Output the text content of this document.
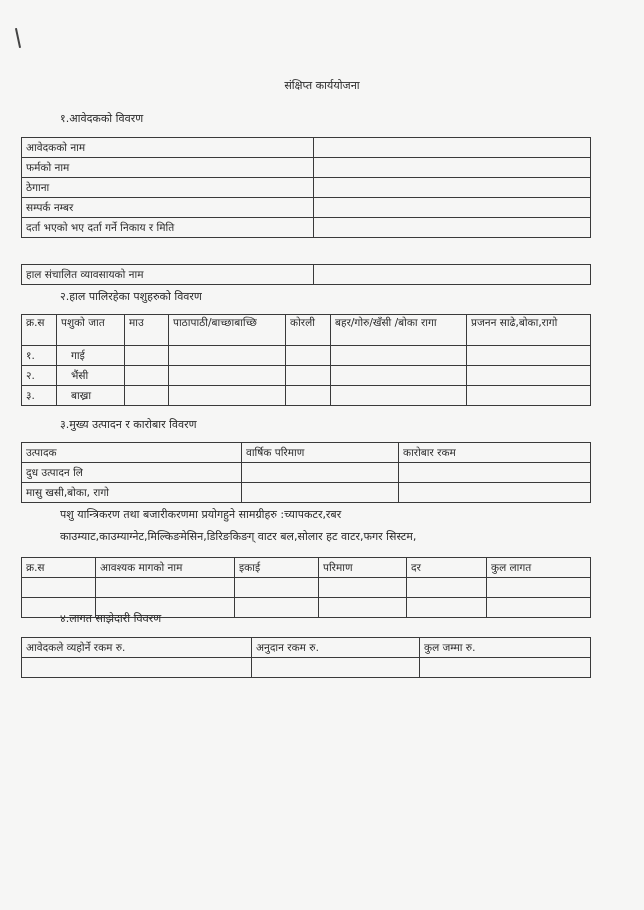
संक्षिप्त कार्ययोजना
१.आवेदकको विवरण
आवेदकको नाम	
फर्मको नाम	
ठेगाना	
सम्पर्क नम्बर	
दर्ता भएको भए दर्ता गर्ने निकाय र मिति	
हाल संचालित व्यावसायको नाम	
२.हाल पालिरहेका पशुहरुको विवरण
क्र.स	पशुको जात	माउ	पाठापाठी/बाच्छाबाच्छि	कोरली	बहर/गोरु/खँसी /बोका रागा	प्रजनन साढे,बोका,रागो
१.	गाई					
२.	भैंसी					
३.	बाख्रा					
३.मुख्य उत्पादन र कारोबार विवरण
उत्पादक	वार्षिक परिमाण	कारोबार रकम
दुध उत्पादन लि		
मासु खसी,बोका, रागो		
पशु यान्त्रिकरण तथा बजारीकरणमा प्रयोगहुने सामग्रीहरु :च्यापकटर,रबर
काउम्याट,काउम्याग्नेट,मिल्किङमेसिन,डिरिङकिङग् वाटर बल,सोलार हट वाटर,फगर सिस्टम,
क्र.स	आवश्यक मागको नाम	इकाई	परिमाण	दर	कुल लागत

४.लागत साझेदारी विवरण
आवेदकले व्यहोर्ने रकम रु.	अनुदान रकम रु.	कुल जम्मा रु.
